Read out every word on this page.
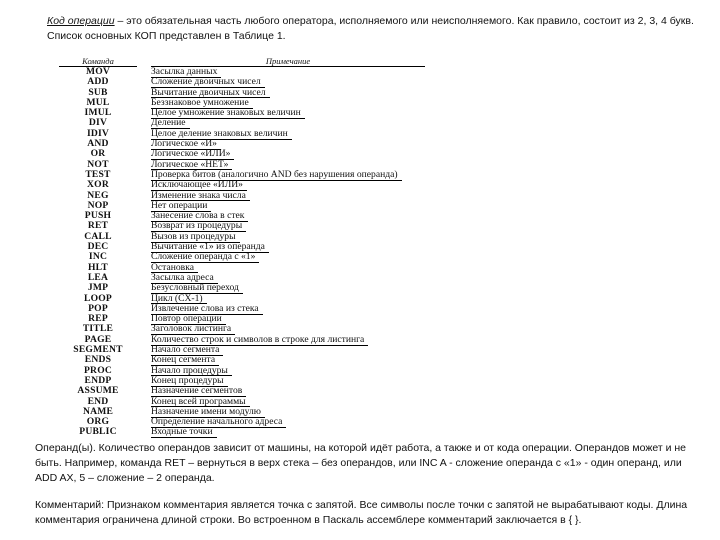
Код операции – это обязательная часть любого оператора, исполняемого или неисполняемого. Как правило, состоит из 2, 3, 4 букв. Список основных КОП представлен в Таблице 1.
Команда	Примечание
MOV	Засылка данных
ADD	Сложение двоичных чисел
SUB	Вычитание двоичных чисел
MUL	Беззнаковое умножение
IMUL	Целое умножение знаковых величин
DIV	Деление
IDIV	Целое деление знаковых величин
AND	Логическое «И»
OR	Логическое «ИЛИ»
NOT	Логическое «НЕТ»
TEST	Проверка битов (аналогично AND без нарушения операнда)
XOR	Исключающее «ИЛИ»
NEG	Изменение знака числа
NOP	Нет операции
PUSH	Занесение слова в стек
RET	Возврат из процедуры
CALL	Вызов из процедуры
DEC	Вычитание «1» из операнда
INC	Сложение операнда с «1»
HLT	Остановка
LEA	Засылка адреса
JMP	Безусловный переход
LOOP	Цикл (CX-1)
POP	Извлечение слова из стека
REP	Повтор операции
TITLE	Заголовок листинга
PAGE	Количество строк и символов в строке для листинга
SEGMENT	Начало сегмента
ENDS	Конец сегмента
PROC	Начало процедуры
ENDP	Конец процедуры
ASSUME	Назначение сегментов
END	Конец всей программы
NAME	Назначение имени модулю
ORG	Определение начального адреса
PUBLIC	Входные точки
Операнд(ы). Количество операндов зависит от машины, на которой идёт работа, а также и от кода операции. Операндов может и не быть. Например, команда RET – вернуться в верх стека – без операндов, или INC A - сложение операнда с «1» - один операнд, или ADD AX, 5 – сложение – 2 операнда.
Комментарий: Признаком комментария является точка с запятой. Все символы после точки с запятой не вырабатывают коды. Длина комментария ограничена длиной строки. Во встроенном в Паскаль ассемблере комментарий заключается в { }.
